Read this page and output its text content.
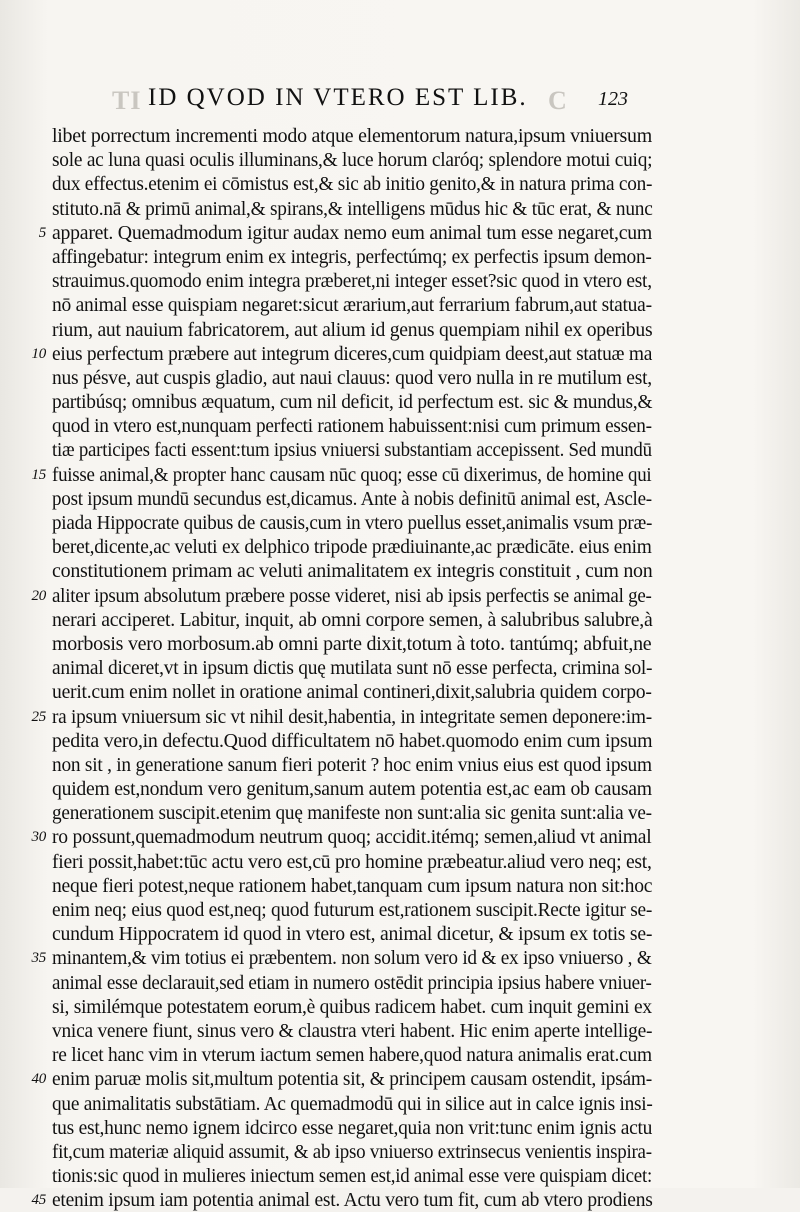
TI ID QVOD IN VTERO EST LIB. C 123
libet porrectum incrementi modo atque elementorum natura,ipsum vniuersum
sole ac luna quasi oculis illuminans,& luce horum claróq; splendore motui cuiq;
dux effectus.etenim ei cōmistus est,& sic ab initio genito,& in natura prima con-
stituto.nā & primū animal,& spirans,& intelligens mūdus hic & tūc erat, & nunc
5 apparet. Quemadmodum igitur audax nemo eum animal tum esse negaret,cum
affingebatur: integrum enim ex integris, perfectúmq; ex perfectis ipsum demon-
strauimus.quomodo enim integra præberet,ni integer esset?sic quod in vtero est,
nō animal esse quispiam negaret:sicut ærarium,aut ferrarium fabrum,aut statua-
rium, aut nauium fabricatorem, aut alium id genus quempiam nihil ex operibus
10 eius perfectum præbere aut integrum diceres,cum quidpiam deest,aut statuæ ma
nus pésve, aut cuspis gladio, aut naui clauus: quod vero nulla in re mutilum est,
partibúsq; omnibus æquatum, cum nil deficit, id perfectum est. sic & mundus,&
quod in vtero est,nunquam perfecti rationem habuissent:nisi cum primum essen-
tiæ participes facti essent:tum ipsius vniuersi substantiam accepissent. Sed mundū
15 fuisse animal,& propter hanc causam nūc quoq; esse cū dixerimus, de homine qui
post ipsum mundū secundus est,dicamus. Ante à nobis definitū animal est, Ascle-
piada Hippocrate quibus de causis,cum in vtero puellus esset,animalis vsum præ-
beret,dicente,ac veluti ex delphico tripode prædiuinante,ac prædicāte. eius enim
constitutionem primam ac veluti animalitatem ex integris constituit , cum non
20 aliter ipsum absolutum præbere posse videret, nisi ab ipsis perfectis se animal ge-
nerari acciperet. Labitur, inquit, ab omni corpore semen, à salubribus salubre,à
morbosis vero morbosum.ab omni parte dixit,totum à toto. tantúmq; abfuit,ne
animal diceret,vt in ipsum dictis quę mutilata sunt nō esse perfecta, crimina sol-
uerit.cum enim nollet in oratione animal contineri,dixit,salubria quidem corpo-
25 ra ipsum vniuersum sic vt nihil desit,habentia, in integritate semen deponere:im-
pedita vero,in defectu.Quod difficultatem nō habet.quomodo enim cum ipsum
non sit , in generatione sanum fieri poterit ? hoc enim vnius eius est quod ipsum
quidem est,nondum vero genitum,sanum autem potentia est,ac eam ob causam
generationem suscipit.etenim quę manifeste non sunt:alia sic genita sunt:alia ve-
30 ro possunt,quemadmodum neutrum quoq; accidit.itémq; semen,aliud vt animal
fieri possit,habet:tūc actu vero est,cū pro homine præbeatur.aliud vero neq; est,
neque fieri potest,neque rationem habet,tanquam cum ipsum natura non sit:hoc
enim neq; eius quod est,neq; quod futurum est,rationem suscipit.Recte igitur se-
cundum Hippocratem id quod in vtero est, animal dicetur, & ipsum ex totis se-
35 minantem,& vim totius ei præbentem. non solum vero id & ex ipso vniuerso , &
animal esse declarauit,sed etiam in numero ostēdit principia ipsius habere vniuer-
si, similémque potestatem eorum,è quibus radicem habet. cum inquit gemini ex
vnica venere fiunt, sinus vero & claustra vteri habent. Hic enim aperte intellige-
re licet hanc vim in vterum iactum semen habere,quod natura animalis erat.cum
40 enim paruæ molis sit,multum potentia sit, & principem causam ostendit, ipsám-
que animalitatis substātiam. Ac quemadmodū qui in silice aut in calce ignis insi-
tus est,hunc nemo ignem idcirco esse negaret,quia non vrit:tunc enim ignis actu
fit,cum materiæ aliquid assumit, & ab ipso vniuerso extrinsecus venientis inspira-
tionis:sic quod in mulieres iniectum semen est,id animal esse vere quispiam dicet:
45 etenim ipsum iam potentia animal est. Actu vero tum fit, cum ab vtero prodiens
